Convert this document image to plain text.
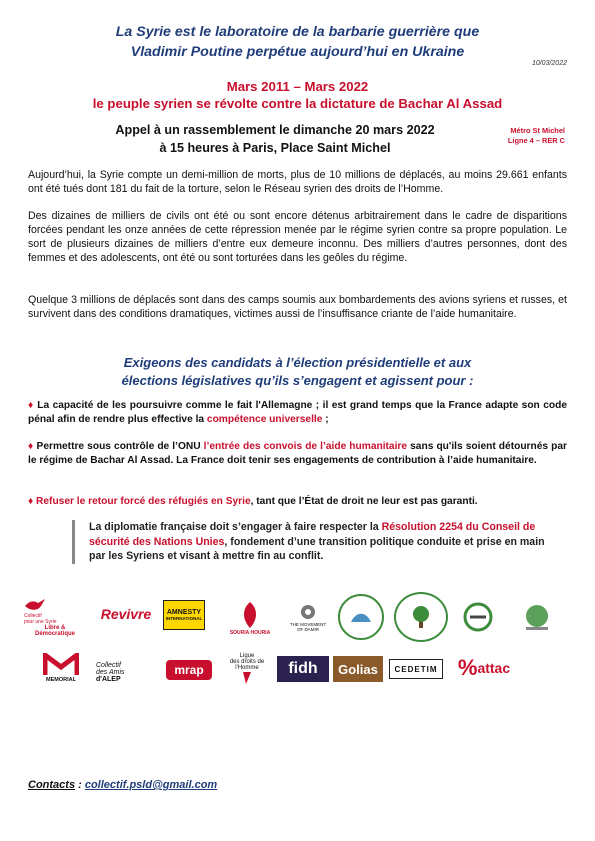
La Syrie est le laboratoire de la barbarie guerrière que
Vladimir Poutine perpétue aujourd’hui en Ukraine
10/03/2022
Mars 2011 – Mars 2022
le peuple syrien se révolte contre la dictature de Bachar Al Assad
Appel à un rassemblement le dimanche 20 mars 2022
à 15 heures à Paris, Place Saint Michel
Métro St Michel
Ligne 4 – RER C
Aujourd’hui, la Syrie compte un demi-million de morts, plus de 10 millions de déplacés, au moins 29.661 enfants ont été tués dont 181 du fait de la torture, selon le Réseau syrien des droits de l’Homme.
Des dizaines de milliers de civils ont été ou sont encore détenus arbitrairement dans le cadre de disparitions forcées pendant les onze années de cette répression menée par le régime syrien contre sa propre population. Le sort de plusieurs dizaines de milliers d’entre eux demeure inconnu. Des milliers d’autres personnes, dont des femmes et des adolescents, ont été ou sont torturées dans les geôles du régime.
Quelque 3 millions de déplacés sont dans des camps soumis aux bombardements des avions syriens et russes, et survivent dans des conditions dramatiques, victimes aussi de l’insuffisance criante de l’aide humanitaire.
Exigeons des candidats à l’élection présidentielle et aux
élections législatives qu’ils s’engagent et agissent pour :
♦ La capacité de les poursuivre comme le fait l'Allemagne ; il est grand temps que la France adapte son code pénal afin de rendre plus effective la compétence universelle ;
♦ Permettre sous contrôle de l’ONU l’entrée des convois de l’aide humanitaire sans qu'ils soient détournés par le régime de Bachar Al Assad. La France doit tenir ses engagements de contribution à l’aide humanitaire.
♦ Refuser le retour forcé des réfugiés en Syrie, tant que l’État de droit ne leur est pas garanti.
La diplomatie française doit s’engager à faire respecter la Résolution 2254 du Conseil de sécurité des Nations Unies, fondement d’une transition politique conduite et prise en main par les Syriens et visant à mettre fin au conflit.
Collectif
pour une Syrie
Libre & Démocratique
Revivre AMNESTY
INTERNATIONAL
SOURIA HOURIA
THE MOVEMENT
OF DAMIR
MEMORIAL
Collectif
des Amis
d'ALEP
mrap
Ligue
des droits de
l'Homme fidh Golias CEDETIM % attac
Contacts : collectif.psld@gmail.com
